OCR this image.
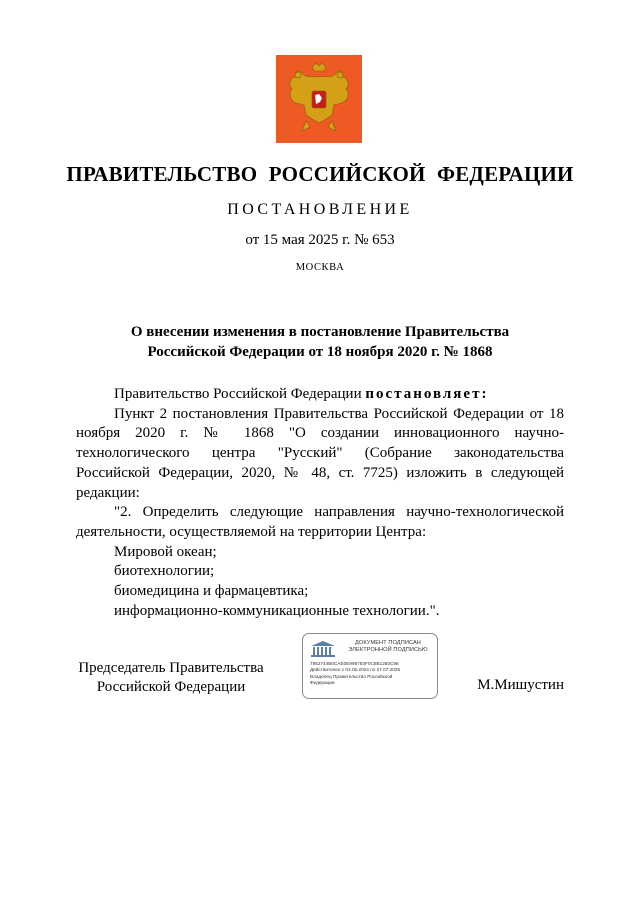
ПРАВИТЕЛЬСТВО РОССИЙСКОЙ ФЕДЕРАЦИИ
ПОСТАНОВЛЕНИЕ
от 15 мая 2025 г. № 653
МОСКВА
О внесении изменения в постановление Правительства
Российской Федерации от 18 ноября 2020 г. № 1868

Правительство Российской Федерации постановляет:

Пункт 2 постановления Правительства Российской Федерации от 18 ноября 2020 г. № 1868 "О создании инновационного научно-технологического центра "Русский" (Собрание законодательства Российской Федерации, 2020, № 48, ст. 7725) изложить в следующей редакции:

"2. Определить следующие направления научно-технологической деятельности, осуществляемой на территории Центра:

Мировой океан;

биотехнологии;

биомедицина и фармацевтика;

информационно-коммуникационные технологии.".

Председатель Правительства
Российской Федерации
ДОКУМЕНТ ПОДПИСАН
ЭЛЕКТРОННОЙ ПОДПИСЬЮ
7862744B0CAE0E996783F0C8B1250C98
Действителен с 03.05.2024 по 27.07.2025
Владелец Правительство Российской
Федерации	М.Мишустин
